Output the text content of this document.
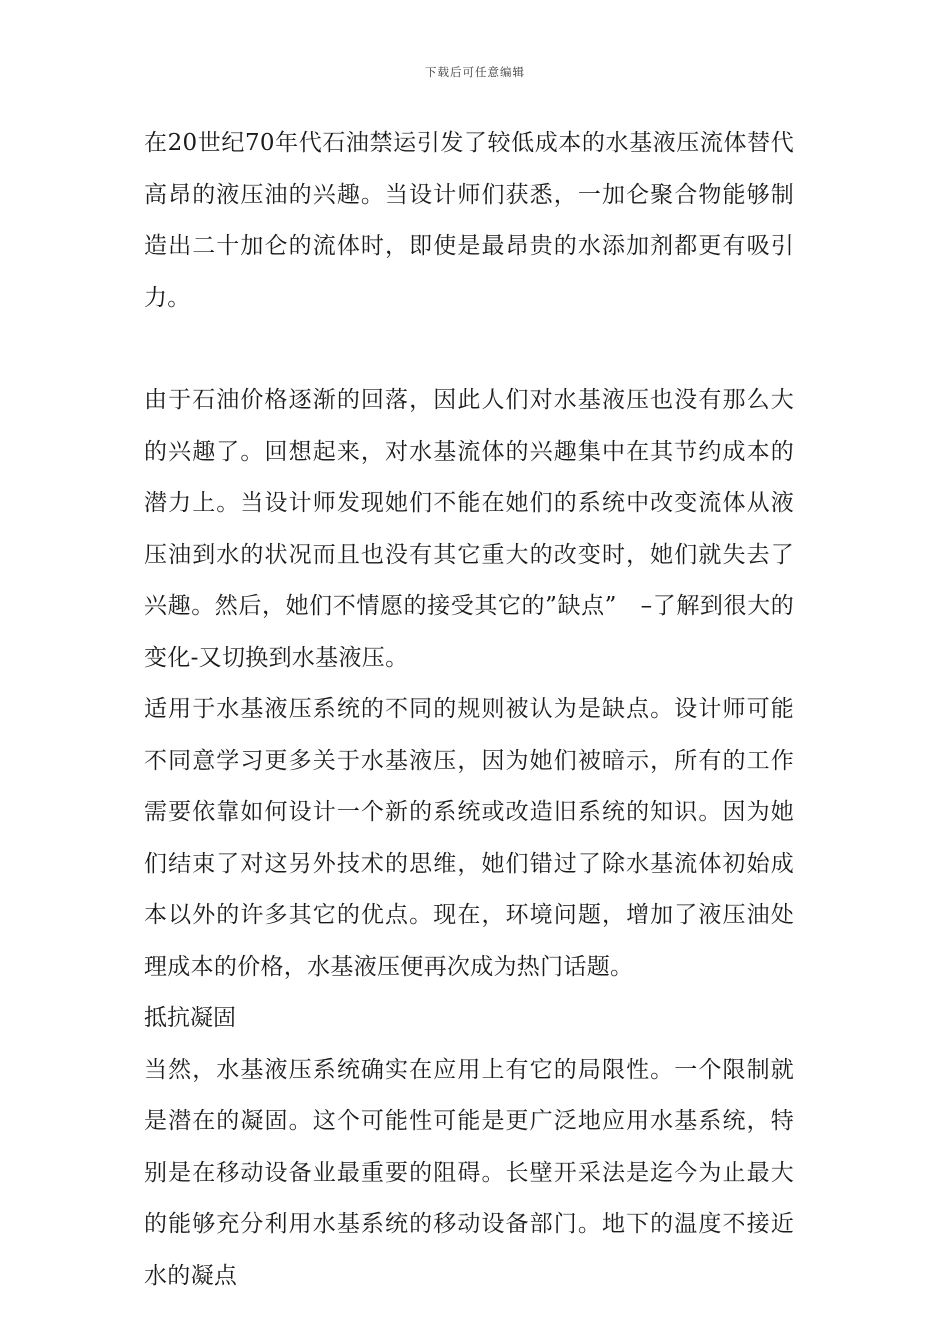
下载后可任意编辑

在20世纪70年代石油禁运引发了较低成本的水基液压流体替代高昂的液压油的兴趣。当设计师们获悉，一加仑聚合物能够制造出二十加仑的流体时，即使是最昂贵的水添加剂都更有吸引力。

由于石油价格逐渐的回落，因此人们对水基液压也没有那么大的兴趣了。回想起来，对水基流体的兴趣集中在其节约成本的潜力上。当设计师发现她们不能在她们的系统中改变流体从液压油到水的状况而且也没有其它重大的改变时，她们就失去了兴趣。然后，她们不情愿的接受其它的”缺点”　–了解到很大的变化-又切换到水基液压。

适用于水基液压系统的不同的规则被认为是缺点。设计师可能不同意学习更多关于水基液压，因为她们被暗示，所有的工作需要依靠如何设计一个新的系统或改造旧系统的知识。因为她们结束了对这另外技术的思维，她们错过了除水基流体初始成本以外的许多其它的优点。现在，环境问题，增加了液压油处理成本的价格，水基液压便再次成为热门话题。

抵抗凝固

当然，水基液压系统确实在应用上有它的局限性。一个限制就是潜在的凝固。这个可能性可能是更广泛地应用水基系统，特别是在移动设备业最重要的阻碍。长壁开采法是迄今为止最大的能够充分利用水基系统的移动设备部门。地下的温度不接近水的凝点
